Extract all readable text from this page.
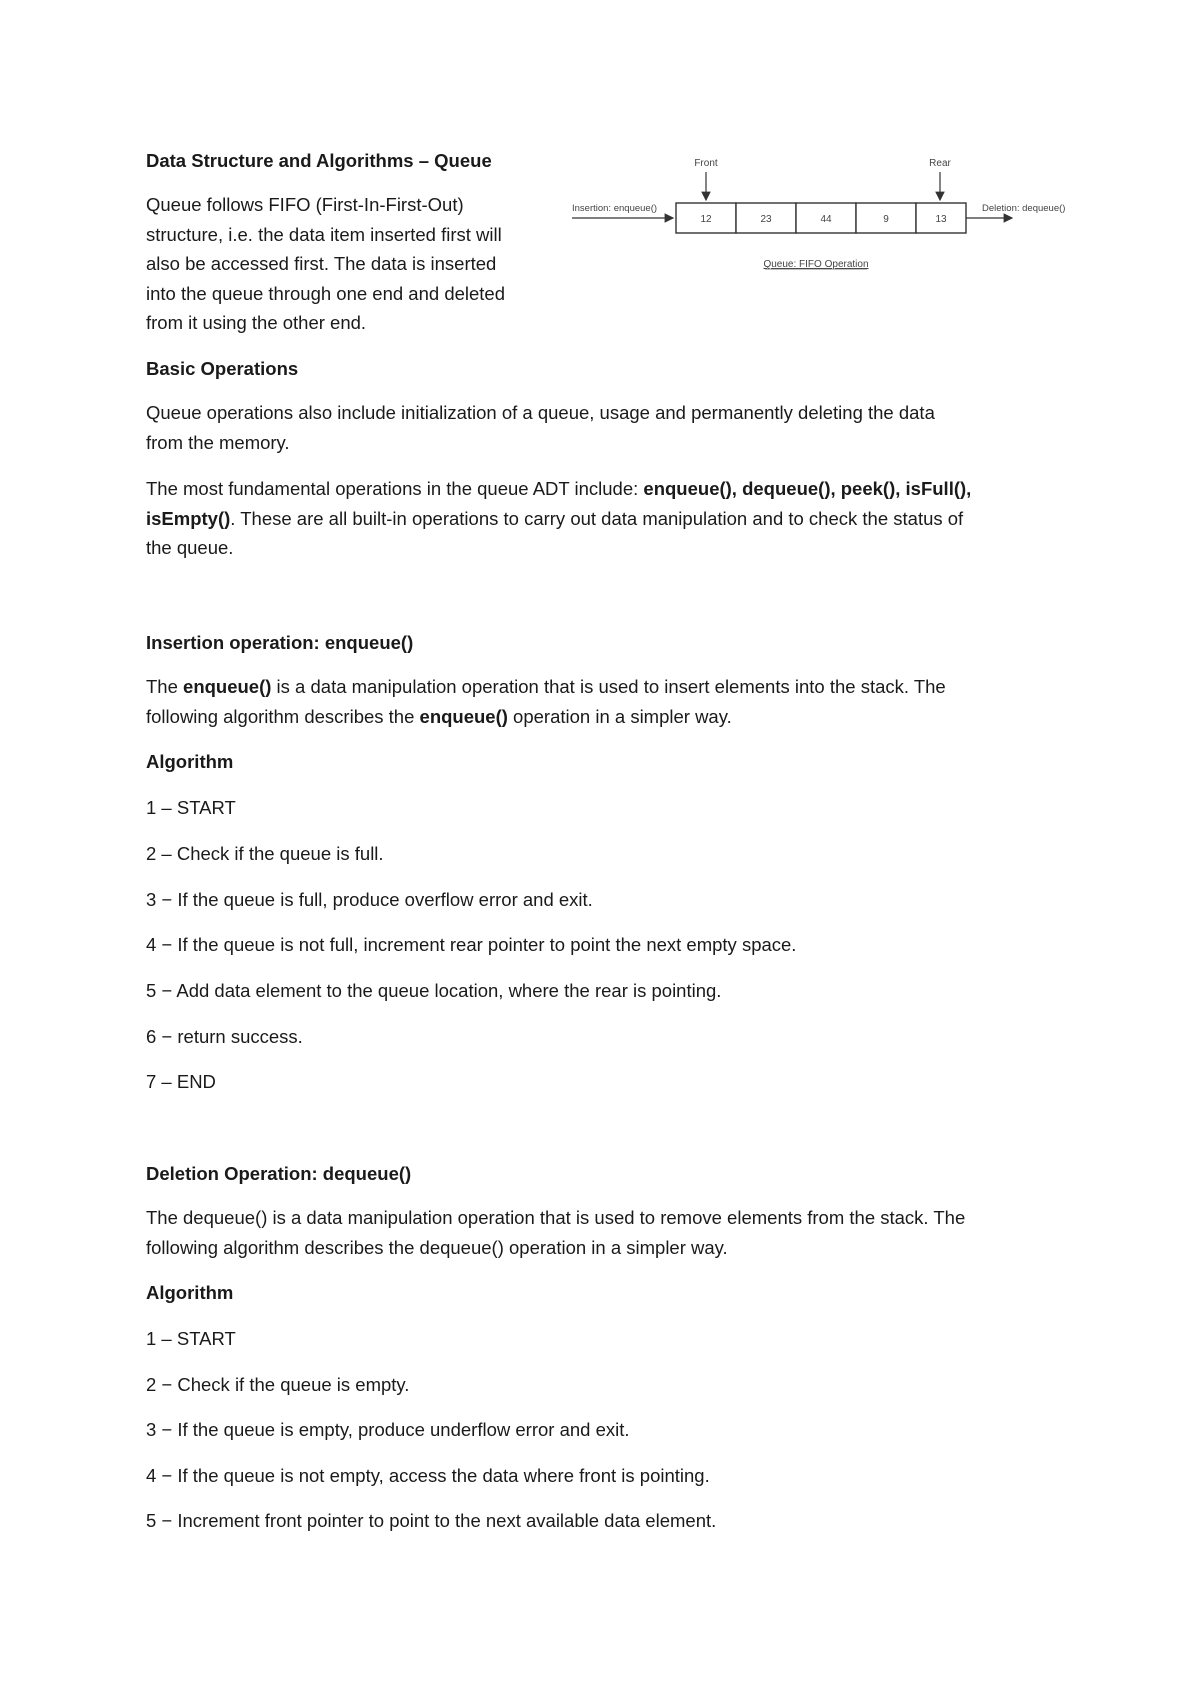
Data Structure and Algorithms – Queue

Queue follows FIFO (First-In-First-Out)
structure, i.e. the data item inserted first will
also be accessed first. The data is inserted
into the queue through one end and deleted
from it using the other end.

Front	Rear
Insertion: enqueue()
12	23	44	9	13
Deletion: dequeue()
Queue: FIFO Operation

Basic Operations

Queue operations also include initialization of a queue, usage and permanently deleting the data
from the memory.

The most fundamental operations in the queue ADT include: enqueue(), dequeue(), peek(), isFull(),
isEmpty(). These are all built-in operations to carry out data manipulation and to check the status of
the queue.

Insertion operation: enqueue()

The enqueue() is a data manipulation operation that is used to insert elements into the stack. The
following algorithm describes the enqueue() operation in a simpler way.

Algorithm

1 – START

2 – Check if the queue is full.

3 − If the queue is full, produce overflow error and exit.

4 − If the queue is not full, increment rear pointer to point the next empty space.

5 − Add data element to the queue location, where the rear is pointing.

6 − return success.

7 – END

Deletion Operation: dequeue()

The dequeue() is a data manipulation operation that is used to remove elements from the stack. The
following algorithm describes the dequeue() operation in a simpler way.

Algorithm

1 – START

2 − Check if the queue is empty.

3 − If the queue is empty, produce underflow error and exit.

4 − If the queue is not empty, access the data where front is pointing.

5 − Increment front pointer to point to the next available data element.
